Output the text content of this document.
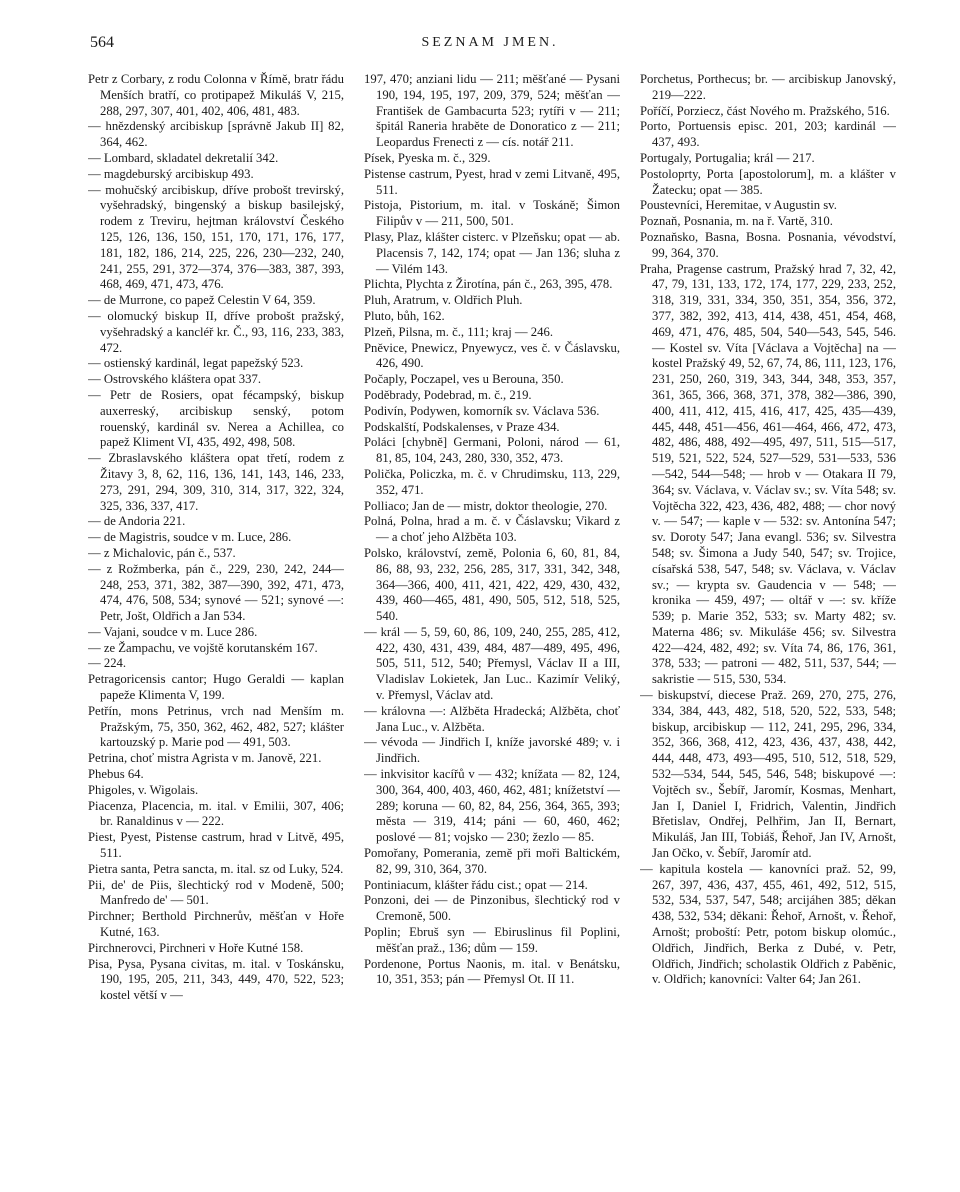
564	SEZNAM JMEN.

Petr z Corbary, z rodu Colonna v Římě, bratr řádu Menších bratří, co protipapež Mikuláš V, 215, 288, 297, 307, 401, 402, 406, 481, 483.

— hnězdenský arcibiskup [správně Jakub II] 82, 364, 462.

— Lombard, skladatel dekretalií 342.

— magdeburský arcibiskup 493.

— mohučský arcibiskup, dříve probošt trevirský, vyšehradský, bingenský a biskup basilejský, rodem z Treviru, hejtman království Českého 125, 126, 136, 150, 151, 170, 171, 176, 177, 181, 182, 186, 214, 225, 226, 230—232, 240, 241, 255, 291, 372—374, 376—383, 387, 393, 468, 469, 471, 473, 476.

— de Murrone, co papež Celestin V 64, 359.

— olomucký biskup II, dříve probošt pražský, vyšehradský a kancléř kr. Č., 93, 116, 233, 383, 472.

— ostienský kardinál, legat papežský 523.

— Ostrovského kláštera opat 337.

— Petr de Rosiers, opat fécampský, biskup auxerreský, arcibiskup senský, potom rouenský, kardinál sv. Nerea a Achillea, co papež Kliment VI, 435, 492, 498, 508.

— Zbraslavského kláštera opat třetí, rodem z Žitavy 3, 8, 62, 116, 136, 141, 143, 146, 233, 273, 291, 294, 309, 310, 314, 317, 322, 324, 325, 336, 337, 417.

— de Andoria 221.

— de Magistris, soudce v m. Luce, 286.

— z Michalovic, pán č., 537.

— z Rožmberka, pán č., 229, 230, 242, 244—248, 253, 371, 382, 387—390, 392, 471, 473, 474, 476, 508, 534; synové — 521; synové —: Petr, Jošt, Oldřich a Jan 534.

— Vajani, soudce v m. Luce 286.

— ze Žampachu, ve vojště korutanském 167.

— 224.

Petragoricensis cantor; Hugo Geraldi — kaplan papeže Klimenta V, 199.

Petřín, mons Petrinus, vrch nad Menším m. Pražským, 75, 350, 362, 462, 482, 527; klášter kartouzský p. Marie pod — 491, 503.

Petrina, choť mistra Agrista v m. Janově, 221.

Phebus 64.

Phigoles, v. Wigolais.

Piacenza, Placencia, m. ital. v Emilii, 307, 406; br. Ranaldinus v — 222.

Piest, Pyest, Pistense castrum, hrad v Litvě, 495, 511.

Pietra santa, Petra sancta, m. ital. sz od Luky, 524.

Pii, de' de Piis, šlechtický rod v Modeně, 500; Manfredo de' — 501.

Pirchner; Berthold Pirchnerův, měšťan v Hoře Kutné, 163.

Pirchnerovci, Pirchneri v Hoře Kutné 158.

Pisa, Pysa, Pysana civitas, m. ital. v Toskánsku, 190, 195, 205, 211, 343, 449, 470, 522, 523; kostel větší v —

197, 470; anziani lidu — 211; měšťané — Pysani 190, 194, 195, 197, 209, 379, 524; měšťan — František de Gambacurta 523; rytíři v — 211; špitál Raneria hraběte de Donoratico z — 211; Leopardus Frenecti z — cís. notář 211.

Písek, Pyeska m. č., 329.

Pistense castrum, Pyest, hrad v zemi Litvaně, 495, 511.

Pistoja, Pistorium, m. ital. v Toskáně; Šimon Filipův v — 211, 500, 501.

Plasy, Plaz, klášter cisterc. v Plzeňsku; opat — ab. Placensis 7, 142, 174; opat — Jan 136; sluha z — Vilém 143.

Plichta, Plychta z Žirotína, pán č., 263, 395, 478.

Pluh, Aratrum, v. Oldřich Pluh.

Pluto, bůh, 162.

Plzeň, Pilsna, m. č., 111; kraj — 246.

Pněvice, Pnewicz, Pnyewycz, ves č. v Čáslavsku, 426, 490.

Počaply, Poczapel, ves u Berouna, 350.

Poděbrady, Podebrad, m. č., 219.

Podivín, Podywen, komorník sv. Václava 536.

Podskalští, Podskalenses, v Praze 434.

Poláci [chybně] Germani, Poloni, národ — 61, 81, 85, 104, 243, 280, 330, 352, 473.

Polička, Policzka, m. č. v Chrudimsku, 113, 229, 352, 471.

Polliaco; Jan de — mistr, doktor theologie, 270.

Polná, Polna, hrad a m. č. v Čáslavsku; Vikard z — a choť jeho Alžběta 103.

Polsko, království, země, Polonia 6, 60, 81, 84, 86, 88, 93, 232, 256, 285, 317, 331, 342, 348, 364—366, 400, 411, 421, 422, 429, 430, 432, 439, 460—465, 481, 490, 505, 512, 518, 525, 540.

— král — 5, 59, 60, 86, 109, 240, 255, 285, 412, 422, 430, 431, 439, 484, 487—489, 495, 496, 505, 511, 512, 540; Přemysl, Václav II a III, Vladislav Lokietek, Jan Luc.. Kazimír Veliký, v. Přemysl, Václav atd.

— královna —: Alžběta Hradecká; Alžběta, choť Jana Luc., v. Alžběta.

— vévoda — Jindřich I, kníže javorské 489; v. i Jindřich.

— inkvisitor kacířů v — 432; knížata — 82, 124, 300, 364, 400, 403, 460, 462, 481; knížetství — 289; koruna — 60, 82, 84, 256, 364, 365, 393; města — 319, 414; páni — 60, 460, 462; poslové — 81; vojsko — 230; žezlo — 85.

Pomořany, Pomerania, země při moři Baltickém, 82, 99, 310, 364, 370.

Pontiniacum, klášter řádu cist.; opat — 214.

Ponzoni, dei — de Pinzonibus, šlechtický rod v Cremoně, 500.

Poplin; Ebruš syn — Ebiruslinus fil Poplini, měšťan praž., 136; dům — 159.

Pordenone, Portus Naonis, m. ital. v Benátsku, 10, 351, 353; pán — Přemysl Ot. II 11.

Porchetus, Porthecus; br. — arcibiskup Janovský, 219—222.

Poříčí, Porziecz, část Nového m. Pražského, 516.

Porto, Portuensis episc. 201, 203; kardinál — 437, 493.

Portugaly, Portugalia; král — 217.

Postoloprty, Porta [apostolorum], m. a klášter v Žatecku; opat — 385.

Poustevníci, Heremitae, v Augustin sv.

Poznaň, Posnania, m. na ř. Vartě, 310.

Poznaňsko, Basna, Bosna. Posnania, vévodství, 99, 364, 370.

Praha, Pragense castrum, Pražský hrad 7, 32, 42, 47, 79, 131, 133, 172, 174, 177, 229, 233, 252, 318, 319, 331, 334, 350, 351, 354, 356, 372, 377, 382, 392, 413, 414, 438, 451, 454, 468, 469, 471, 476, 485, 504, 540—543, 545, 546. — Kostel sv. Víta [Václava a Vojtěcha] na — kostel Pražský 49, 52, 67, 74, 86, 111, 123, 176, 231, 250, 260, 319, 343, 344, 348, 353, 357, 361, 365, 366, 368, 371, 378, 382—386, 390, 400, 411, 412, 415, 416, 417, 425, 435—439, 445, 448, 451—456, 461—464, 466, 472, 473, 482, 486, 488, 492—495, 497, 511, 515—517, 519, 521, 522, 524, 527—529, 531—533, 536—542, 544—548; — hrob v — Otakara II 79, 364; sv. Václava, v. Václav sv.; sv. Víta 548; sv. Vojtěcha 322, 423, 436, 482, 488; — chor nový v. — 547; — kaple v — 532: sv. Antonína 547; sv. Doroty 547; Jana evangl. 536; sv. Silvestra 548; sv. Šimona a Judy 540, 547; sv. Trojice, císařská 538, 547, 548; sv. Václava, v. Václav sv.; — krypta sv. Gaudencia v — 548; — kronika — 459, 497; — oltář v —: sv. kříže 539; p. Marie 352, 533; sv. Marty 482; sv. Materna 486; sv. Mikuláše 456; sv. Silvestra 422—424, 482, 492; sv. Víta 74, 86, 176, 361, 378, 533; — patroni — 482, 511, 537, 544; — sakristie — 515, 530, 534.

— biskupství, diecese Praž. 269, 270, 275, 276, 334, 384, 443, 482, 518, 520, 522, 533, 548; biskup, arcibiskup — 112, 241, 295, 296, 334, 352, 366, 368, 412, 423, 436, 437, 438, 442, 444, 448, 473, 493—495, 510, 512, 518, 529, 532—534, 544, 545, 546, 548; biskupové —: Vojtěch sv., Šebíř, Jaromír, Kosmas, Menhart, Jan I, Daniel I, Fridrich, Valentin, Jindřich Břetislav, Ondřej, Pelhřim, Jan II, Bernart, Mikuláš, Jan III, Tobiáš, Řehoř, Jan IV, Arnošt, Jan Očko, v. Šebíř, Jaromír atd.

— kapitula kostela — kanovníci praž. 52, 99, 267, 397, 436, 437, 455, 461, 492, 512, 515, 532, 534, 537, 547, 548; arcijáhen 385; děkan 438, 532, 534; děkani: Řehoř, Arnošt, v. Řehoř, Arnošt; proboští: Petr, potom biskup olomúc., Oldřich, Jindřich, Berka z Dubé, v. Petr, Oldřich, Jindřich; scholastik Oldřich z Paběnic, v. Oldřich; kanovníci: Valter 64; Jan 261.
